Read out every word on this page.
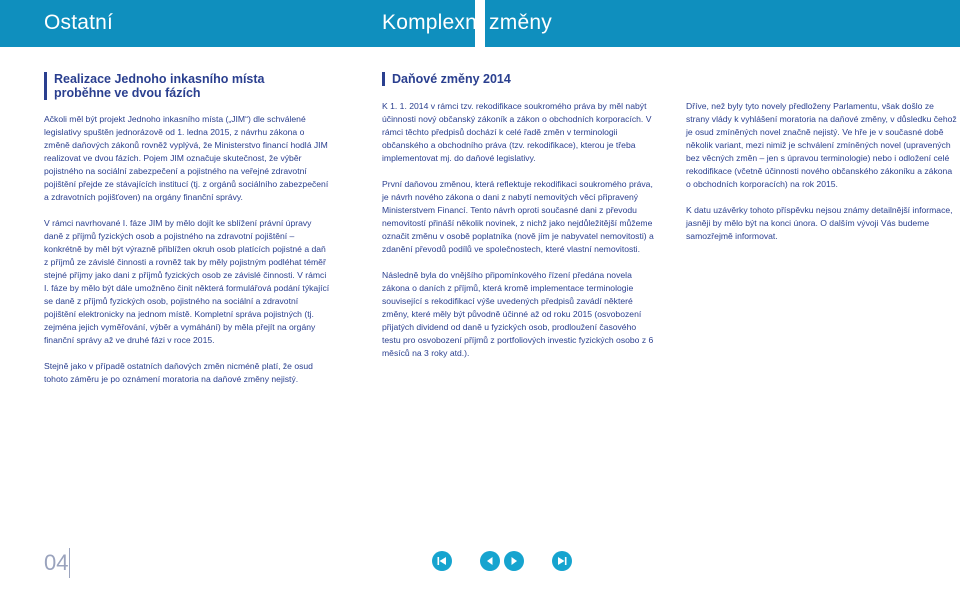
Ostatní	Komplexní změny
Realizace Jednoho inkasního místa proběhne ve dvou fázích
Daňové změny 2014

Ačkoli měl být projekt Jednoho inkasního místa („JIM“) dle schválené legislativy spuštěn jednorázově od 1. ledna 2015, z návrhu zákona o změně daňových zákonů rovněž vyplývá, že Ministerstvo financí hodlá JIM realizovat ve dvou fázích. Pojem JIM označuje skutečnost, že výběr pojistného na sociální zabezpečení a pojistného na veřejné zdravotní pojištění přejde ze stávajících institucí (tj. z orgánů sociálního zabezpečení a zdravotních pojišťoven) na orgány finanční správy.

V rámci navrhované I. fáze JIM by mělo dojít ke sblížení právní úpravy daně z příjmů fyzických osob a pojistného na zdravotní pojištění – konkrétně by měl být výrazně přiblížen okruh osob platících pojistné a daň z příjmů ze závislé činnosti a rovněž tak by měly pojistným podléhat téměř stejné příjmy jako dani z příjmů fyzických osob ze závislé činnosti. V rámci I. fáze by mělo být dále umožněno činit některá formulářová podání týkající se daně z příjmů fyzických osob, pojistného na sociální a zdravotní pojištění elektronicky na jednom místě. Kompletní správa pojistných (tj. zejména jejich vyměřování, výběr a vymáhání) by měla přejít na orgány finanční správy až ve druhé fázi v roce 2015.

Stejně jako v případě ostatních daňových změn nicméně platí, že osud tohoto záměru je po oznámení moratoria na daňové změny nejistý.

K 1. 1. 2014 v rámci tzv. rekodifikace soukromého práva by měl nabýt účinnosti nový občanský zákoník a zákon o obchodních korporacích. V rámci těchto předpisů dochází k celé řadě změn v terminologii občanského a obchodního práva (tzv. rekodifikace), kterou je třeba implementovat mj. do daňové legislativy.

První daňovou změnou, která reflektuje rekodifikaci soukromého práva, je návrh nového zákona o dani z nabytí nemovitých věcí připravený Ministerstvem Financí. Tento návrh oproti současné dani z převodu nemovitostí přináší několik novinek, z nichž jako nejdůležitější můžeme označit změnu v osobě poplatníka (nově jím je nabyvatel nemovitosti) a zdanění převodů podílů ve společnostech, které vlastní nemovitosti.

Následně byla do vnějšího připomínkového řízení předána novela zákona o daních z příjmů, která kromě implementace terminologie související s rekodifikací výše uvedených předpisů zavádí některé změny, které měly být původně účinné až od roku 2015 (osvobození přijatých dividend od daně u fyzických osob, prodloužení časového testu pro osvobození příjmů z portfoliových investic fyzických osobo z 6 měsíců na 3 roky atd.).

Dříve, než byly tyto novely předloženy Parlamentu, však došlo ze strany vlády k vyhlášení moratoria na daňové změny, v důsledku čehož je osud zmíněných novel značně nejistý. Ve hře je v současné době několik variant, mezi nimiž je schválení zmíněných novel (upravených bez věcných změn – jen s úpravou terminologie) nebo i odložení celé rekodifikace (včetně účinnosti nového občanského zákoníku a zákona o obchodních korporacích) na rok 2015.

K datu uzávěrky tohoto příspěvku nejsou známy detailnější informace, jasněji by mělo být na konci února. O dalším vývoji Vás budeme samozřejmě informovat.

04
